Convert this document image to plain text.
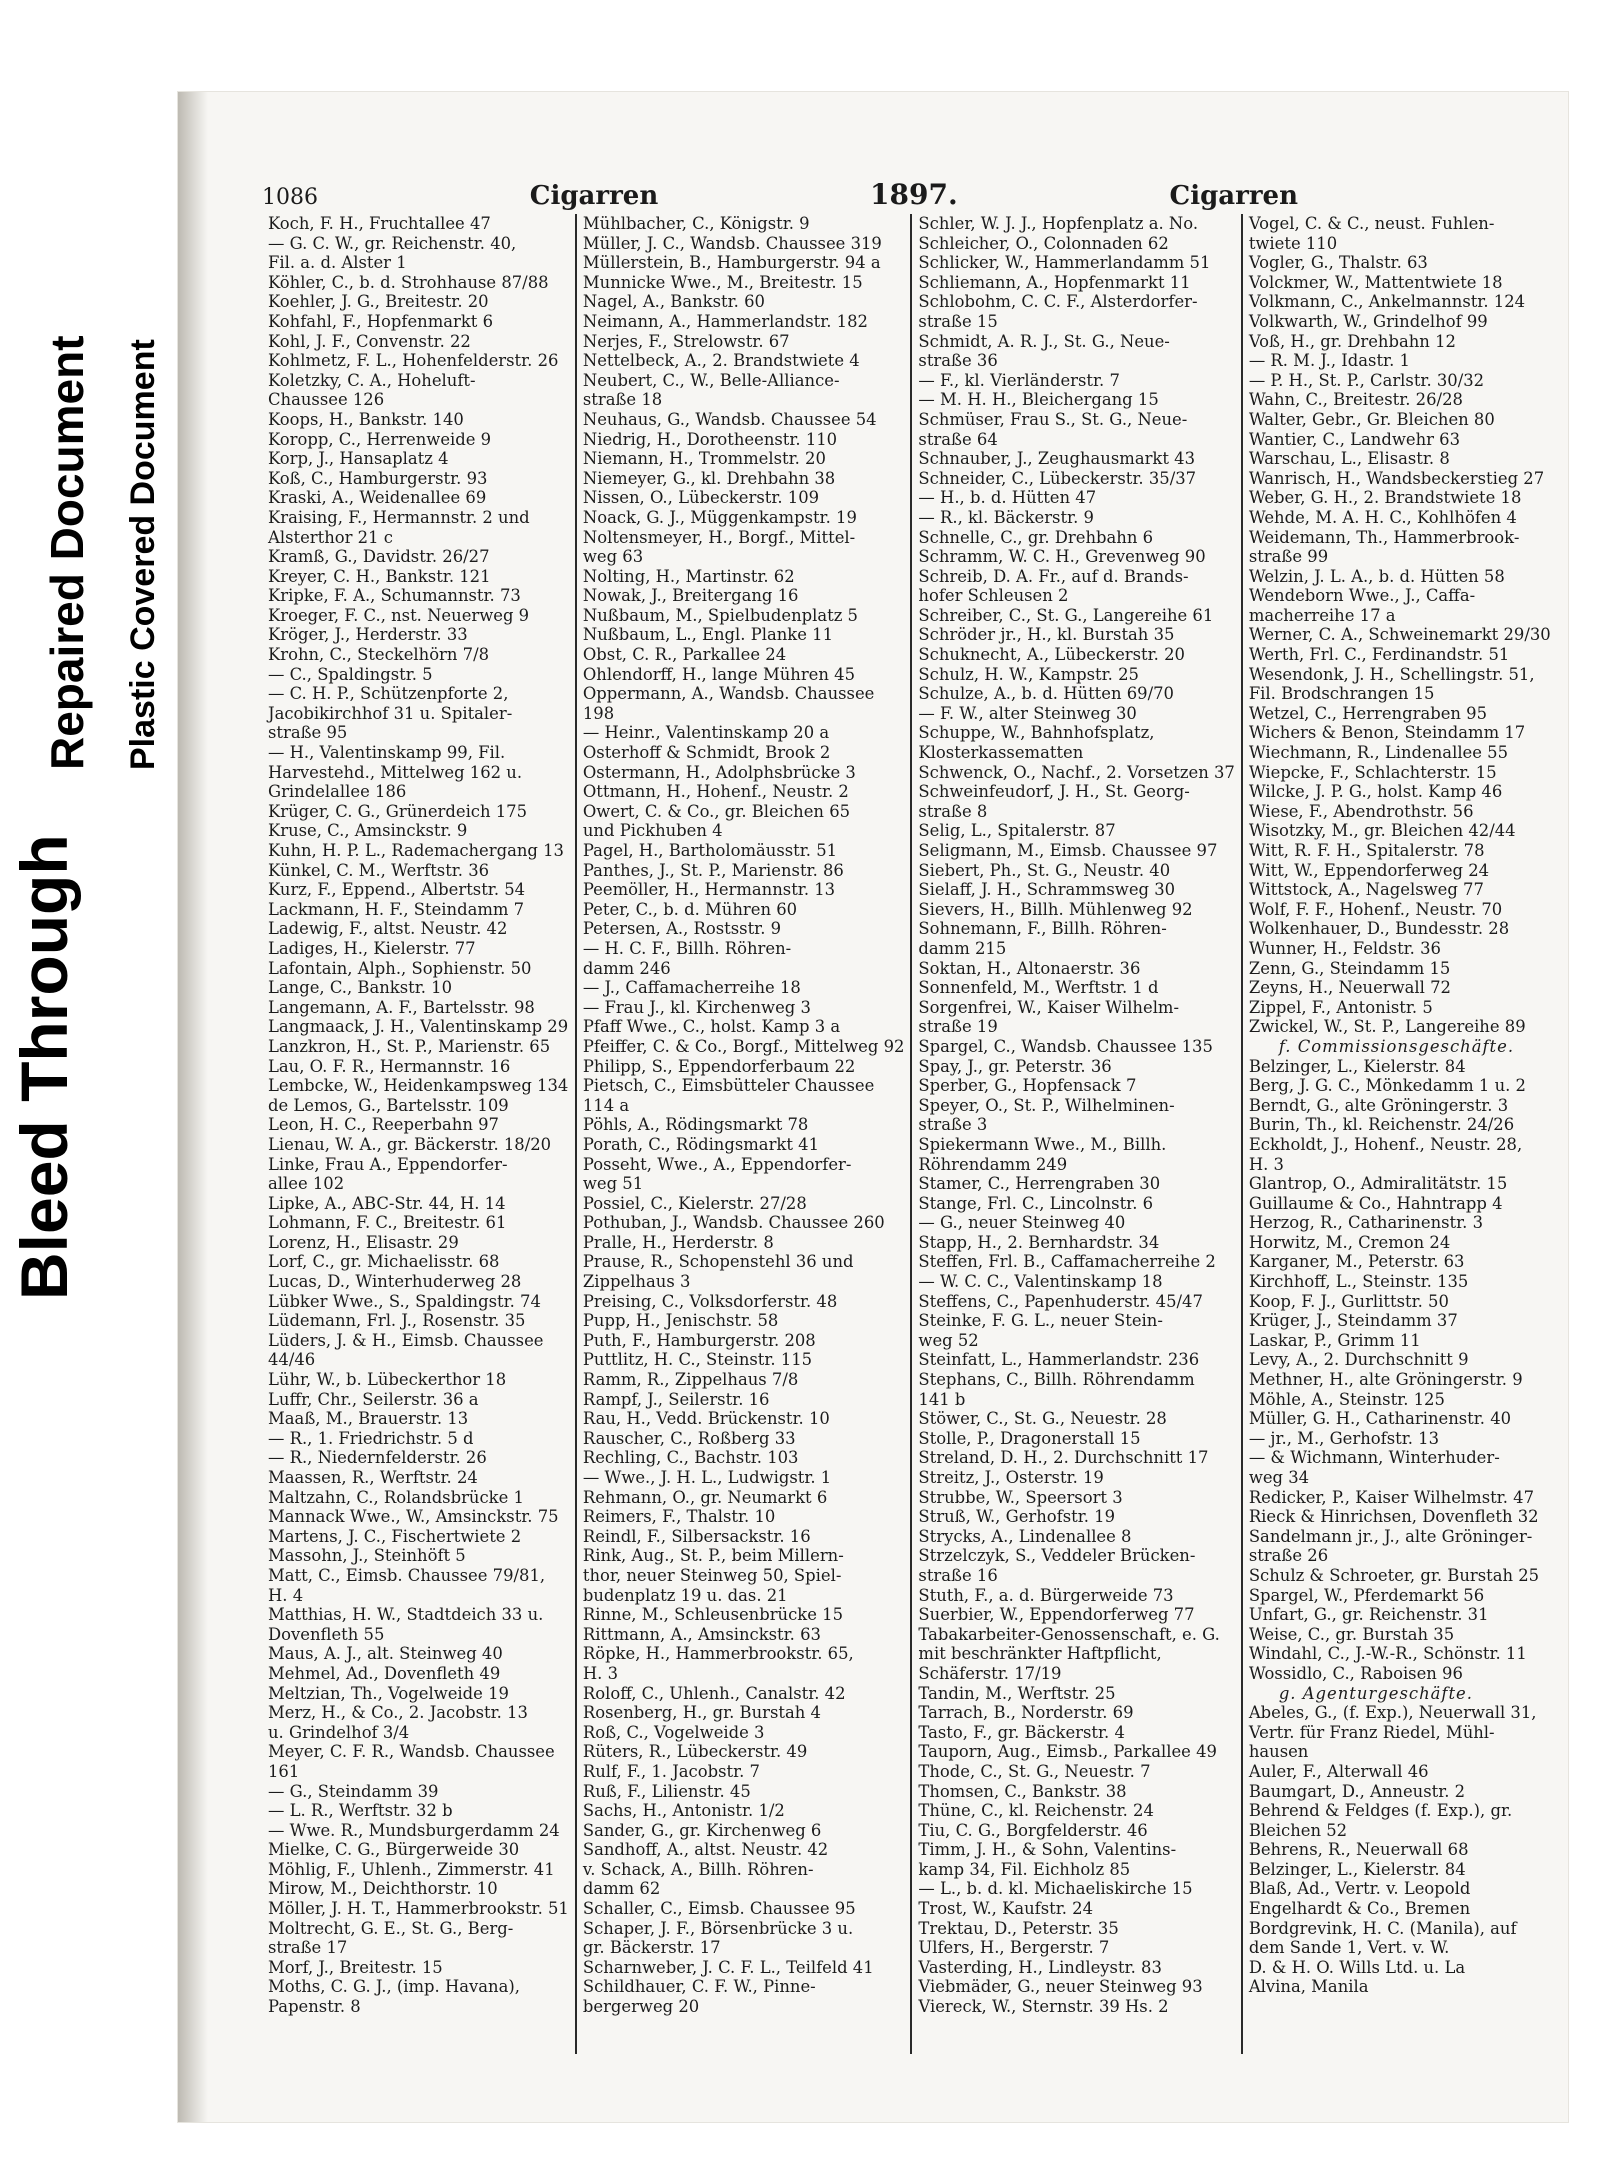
Bleed Through
Repaired Document Plastic Covered Document
1086	Cigarren	1897.	Cigarren
Koch, F. H., Fruchtallee 47
— G. C. W., gr. Reichenstr. 40,
Fil. a. d. Alster 1
Köhler, C., b. d. Strohhause 87/88
Koehler, J. G., Breitestr. 20
Kohfahl, F., Hopfenmarkt 6
Kohl, J. F., Convenstr. 22
Kohlmetz, F. L., Hohenfelderstr. 26
Koletzky, C. A., Hoheluft-
Chaussee 126
Koops, H., Bankstr. 140
Koropp, C., Herrenweide 9
Korp, J., Hansaplatz 4
Koß, C., Hamburgerstr. 93
Kraski, A., Weidenallee 69
Kraising, F., Hermannstr. 2 und
Alsterthor 21 c
Kramß, G., Davidstr. 26/27
Kreyer, C. H., Bankstr. 121
Kripke, F. A., Schumannstr. 73
Kroeger, F. C., nst. Neuerweg 9
Kröger, J., Herderstr. 33
Krohn, C., Steckelhörn 7/8
— C., Spaldingstr. 5
— C. H. P., Schützenpforte 2,
Jacobikirchhof 31 u. Spitaler-
straße 95
— H., Valentinskamp 99, Fil.
Harvestehd., Mittelweg 162 u.
Grindelallee 186
Krüger, C. G., Grünerdeich 175
Kruse, C., Amsinckstr. 9
Kuhn, H. P. L., Rademachergang 13
Künkel, C. M., Werftstr. 36
Kurz, F., Eppend., Albertstr. 54
Lackmann, H. F., Steindamm 7
Ladewig, F., altst. Neustr. 42
Ladiges, H., Kielerstr. 77
Lafontain, Alph., Sophienstr. 50
Lange, C., Bankstr. 10
Langemann, A. F., Bartelsstr. 98
Langmaack, J. H., Valentinskamp 29
Lanzkron, H., St. P., Marienstr. 65
Lau, O. F. R., Hermannstr. 16
Lembcke, W., Heidenkampsweg 134
de Lemos, G., Bartelsstr. 109
Leon, H. C., Reeperbahn 97
Lienau, W. A., gr. Bäckerstr. 18/20
Linke, Frau A., Eppendorfer-
allee 102
Lipke, A., ABC-Str. 44, H. 14
Lohmann, F. C., Breitestr. 61
Lorenz, H., Elisastr. 29
Lorf, C., gr. Michaelisstr. 68
Lucas, D., Winterhuderweg 28
Lübker Wwe., S., Spaldingstr. 74
Lüdemann, Frl. J., Rosenstr. 35
Lüders, J. & H., Eimsb. Chaussee
44/46
Lühr, W., b. Lübeckerthor 18
Luffr, Chr., Seilerstr. 36 a
Maaß, M., Brauerstr. 13
— R., 1. Friedrichstr. 5 d
— R., Niedernfelderstr. 26
Maassen, R., Werftstr. 24
Maltzahn, C., Rolandsbrücke 1
Mannack Wwe., W., Amsinckstr. 75
Martens, J. C., Fischertwiete 2
Massohn, J., Steinhöft 5
Matt, C., Eimsb. Chaussee 79/81,
H. 4
Matthias, H. W., Stadtdeich 33 u.
Dovenfleth 55
Maus, A. J., alt. Steinweg 40
Mehmel, Ad., Dovenfleth 49
Meltzian, Th., Vogelweide 19
Merz, H., & Co., 2. Jacobstr. 13
u. Grindelhof 3/4
Meyer, C. F. R., Wandsb. Chaussee
161
— G., Steindamm 39
— L. R., Werftstr. 32 b
— Wwe. R., Mundsburgerdamm 24
Mielke, C. G., Bürgerweide 30
Möhlig, F., Uhlenh., Zimmerstr. 41
Mirow, M., Deichthorstr. 10
Möller, J. H. T., Hammerbrookstr. 51
Moltrecht, G. E., St. G., Berg-
straße 17
Morf, J., Breitestr. 15
Moths, C. G. J., (imp. Havana),
Papenstr. 8
Mühlbacher, C., Königstr. 9
Müller, J. C., Wandsb. Chaussee 319
Müllerstein, B., Hamburgerstr. 94 a
Munnicke Wwe., M., Breitestr. 15
Nagel, A., Bankstr. 60
Neimann, A., Hammerlandstr. 182
Nerjes, F., Strelowstr. 67
Nettelbeck, A., 2. Brandstwiete 4
Neubert, C., W., Belle-Alliance-
straße 18
Neuhaus, G., Wandsb. Chaussee 54
Niedrig, H., Dorotheenstr. 110
Niemann, H., Trommelstr. 20
Niemeyer, G., kl. Drehbahn 38
Nissen, O., Lübeckerstr. 109
Noack, G. J., Müggenkampstr. 19
Noltensmeyer, H., Borgf., Mittel-
weg 63
Nolting, H., Martinstr. 62
Nowak, J., Breitergang 16
Nußbaum, M., Spielbudenplatz 5
Nußbaum, L., Engl. Planke 11
Obst, C. R., Parkallee 24
Ohlendorff, H., lange Mühren 45
Oppermann, A., Wandsb. Chaussee
198
— Heinr., Valentinskamp 20 a
Osterhoff & Schmidt, Brook 2
Ostermann, H., Adolphsbrücke 3
Ottmann, H., Hohenf., Neustr. 2
Owert, C. & Co., gr. Bleichen 65
und Pickhuben 4
Pagel, H., Bartholomäusstr. 51
Panthes, J., St. P., Marienstr. 86
Peemöller, H., Hermannstr. 13
Peter, C., b. d. Mühren 60
Petersen, A., Rostsstr. 9
— H. C. F., Billh. Röhren-
damm 246
— J., Caffamacherreihe 18
— Frau J., kl. Kirchenweg 3
Pfaff Wwe., C., holst. Kamp 3 a
Pfeiffer, C. & Co., Borgf., Mittelweg 92
Philipp, S., Eppendorferbaum 22
Pietsch, C., Eimsbütteler Chaussee
114 a
Pöhls, A., Rödingsmarkt 78
Porath, C., Rödingsmarkt 41
Posseht, Wwe., A., Eppendorfer-
weg 51
Possiel, C., Kielerstr. 27/28
Pothuban, J., Wandsb. Chaussee 260
Pralle, H., Herderstr. 8
Prause, R., Schopenstehl 36 und
Zippelhaus 3
Preising, C., Volksdorferstr. 48
Pupp, H., Jenischstr. 58
Puth, F., Hamburgerstr. 208
Puttlitz, H. C., Steinstr. 115
Ramm, R., Zippelhaus 7/8
Rampf, J., Seilerstr. 16
Rau, H., Vedd. Brückenstr. 10
Rauscher, C., Roßberg 33
Rechling, C., Bachstr. 103
— Wwe., J. H. L., Ludwigstr. 1
Rehmann, O., gr. Neumarkt 6
Reimers, F., Thalstr. 10
Reindl, F., Silbersackstr. 16
Rink, Aug., St. P., beim Millern-
thor, neuer Steinweg 50, Spiel-
budenplatz 19 u. das. 21
Rinne, M., Schleusenbrücke 15
Rittmann, A., Amsinckstr. 63
Röpke, H., Hammerbrookstr. 65,
H. 3
Roloff, C., Uhlenh., Canalstr. 42
Rosenberg, H., gr. Burstah 4
Roß, C., Vogelweide 3
Rüters, R., Lübeckerstr. 49
Rulf, F., 1. Jacobstr. 7
Ruß, F., Lilienstr. 45
Sachs, H., Antonistr. 1/2
Sander, G., gr. Kirchenweg 6
Sandhoff, A., altst. Neustr. 42
v. Schack, A., Billh. Röhren-
damm 62
Schaller, C., Eimsb. Chaussee 95
Schaper, J. F., Börsenbrücke 3 u.
gr. Bäckerstr. 17
Scharnweber, J. C. F. L., Teilfeld 41
Schildhauer, C. F. W., Pinne-
bergerweg 20
Schler, W. J. J., Hopfenplatz a. No.
Schleicher, O., Colonnaden 62
Schlicker, W., Hammerlandamm 51
Schliemann, A., Hopfenmarkt 11
Schlobohm, C. C. F., Alsterdorfer-
straße 15
Schmidt, A. R. J., St. G., Neue-
straße 36
— F., kl. Vierländerstr. 7
— M. H. H., Bleichergang 15
Schmüser, Frau S., St. G., Neue-
straße 64
Schnauber, J., Zeughausmarkt 43
Schneider, C., Lübeckerstr. 35/37
— H., b. d. Hütten 47
— R., kl. Bäckerstr. 9
Schnelle, C., gr. Drehbahn 6
Schramm, W. C. H., Grevenweg 90
Schreib, D. A. Fr., auf d. Brands-
hofer Schleusen 2
Schreiber, C., St. G., Langereihe 61
Schröder jr., H., kl. Burstah 35
Schuknecht, A., Lübeckerstr. 20
Schulz, H. W., Kampstr. 25
Schulze, A., b. d. Hütten 69/70
— F. W., alter Steinweg 30
Schuppe, W., Bahnhofsplatz,
Klosterkassematten
Schwenck, O., Nachf., 2. Vorsetzen 37
Schweinfeudorf, J. H., St. Georg-
straße 8
Selig, L., Spitalerstr. 87
Seligmann, M., Eimsb. Chaussee 97
Siebert, Ph., St. G., Neustr. 40
Sielaff, J. H., Schrammsweg 30
Sievers, H., Billh. Mühlenweg 92
Sohnemann, F., Billh. Röhren-
damm 215
Soktan, H., Altonaerstr. 36
Sonnenfeld, M., Werftstr. 1 d
Sorgenfrei, W., Kaiser Wilhelm-
straße 19
Spargel, C., Wandsb. Chaussee 135
Spay, J., gr. Peterstr. 36
Sperber, G., Hopfensack 7
Speyer, O., St. P., Wilhelminen-
straße 3
Spiekermann Wwe., M., Billh.
Röhrendamm 249
Stamer, C., Herrengraben 30
Stange, Frl. C., Lincolnstr. 6
— G., neuer Steinweg 40
Stapp, H., 2. Bernhardstr. 34
Steffen, Frl. B., Caffamacherreihe 2
— W. C. C., Valentinskamp 18
Steffens, C., Papenhuderstr. 45/47
Steinke, F. G. L., neuer Stein-
weg 52
Steinfatt, L., Hammerlandstr. 236
Stephans, C., Billh. Röhrendamm
141 b
Stöwer, C., St. G., Neuestr. 28
Stolle, P., Dragonerstall 15
Streland, D. H., 2. Durchschnitt 17
Streitz, J., Osterstr. 19
Strubbe, W., Speersort 3
Struß, W., Gerhofstr. 19
Strycks, A., Lindenallee 8
Strzelczyk, S., Veddeler Brücken-
straße 16
Stuth, F., a. d. Bürgerweide 73
Suerbier, W., Eppendorferweg 77
Tabakarbeiter-Genossenschaft, e. G.
mit beschränkter Haftpflicht,
Schäferstr. 17/19
Tandin, M., Werftstr. 25
Tarrach, B., Norderstr. 69
Tasto, F., gr. Bäckerstr. 4
Tauporn, Aug., Eimsb., Parkallee 49
Thode, C., St. G., Neuestr. 7
Thomsen, C., Bankstr. 38
Thüne, C., kl. Reichenstr. 24
Tiu, C. G., Borgfelderstr. 46
Timm, J. H., & Sohn, Valentins-
kamp 34, Fil. Eichholz 85
— L., b. d. kl. Michaeliskirche 15
Trost, W., Kaufstr. 24
Trektau, D., Peterstr. 35
Ulfers, H., Bergerstr. 7
Vasterding, H., Lindleystr. 83
Viebmäder, G., neuer Steinweg 93
Viereck, W., Sternstr. 39 Hs. 2
Vogel, C. & C., neust. Fuhlen-
twiete 110
Vogler, G., Thalstr. 63
Volckmer, W., Mattentwiete 18
Volkmann, C., Ankelmannstr. 124
Volkwarth, W., Grindelhof 99
Voß, H., gr. Drehbahn 12
— R. M. J., Idastr. 1
— P. H., St. P., Carlstr. 30/32
Wahn, C., Breitestr. 26/28
Walter, Gebr., Gr. Bleichen 80
Wantier, C., Landwehr 63
Warschau, L., Elisastr. 8
Wanrisch, H., Wandsbeckerstieg 27
Weber, G. H., 2. Brandstwiete 18
Wehde, M. A. H. C., Kohlhöfen 4
Weidemann, Th., Hammerbrook-
straße 99
Welzin, J. L. A., b. d. Hütten 58
Wendeborn Wwe., J., Caffa-
macherreihe 17 a
Werner, C. A., Schweinemarkt 29/30
Werth, Frl. C., Ferdinandstr. 51
Wesendonk, J. H., Schellingstr. 51,
Fil. Brodschrangen 15
Wetzel, C., Herrengraben 95
Wichers & Benon, Steindamm 17
Wiechmann, R., Lindenallee 55
Wiepcke, F., Schlachterstr. 15
Wilcke, J. P. G., holst. Kamp 46
Wiese, F., Abendrothstr. 56
Wisotzky, M., gr. Bleichen 42/44
Witt, R. F. H., Spitalerstr. 78
Witt, W., Eppendorferweg 24
Wittstock, A., Nagelsweg 77
Wolf, F. F., Hohenf., Neustr. 70
Wolkenhauer, D., Bundesstr. 28
Wunner, H., Feldstr. 36
Zenn, G., Steindamm 15
Zeyns, H., Neuerwall 72
Zippel, F., Antonistr. 5
Zwickel, W., St. P., Langereihe 89
f. Commissionsgeschäfte.
Belzinger, L., Kielerstr. 84
Berg, J. G. C., Mönkedamm 1 u. 2
Berndt, G., alte Gröningerstr. 3
Burin, Th., kl. Reichenstr. 24/26
Eckholdt, J., Hohenf., Neustr. 28,
H. 3
Glantrop, O., Admiralitätstr. 15
Guillaume & Co., Hahntrapp 4
Herzog, R., Catharinenstr. 3
Horwitz, M., Cremon 24
Karganer, M., Peterstr. 63
Kirchhoff, L., Steinstr. 135
Koop, F. J., Gurlittstr. 50
Krüger, J., Steindamm 37
Laskar, P., Grimm 11
Levy, A., 2. Durchschnitt 9
Methner, H., alte Gröningerstr. 9
Möhle, A., Steinstr. 125
Müller, G. H., Catharinenstr. 40
— jr., M., Gerhofstr. 13
— & Wichmann, Winterhuder-
weg 34
Redicker, P., Kaiser Wilhelmstr. 47
Rieck & Hinrichsen, Dovenfleth 32
Sandelmann jr., J., alte Gröninger-
straße 26
Schulz & Schroeter, gr. Burstah 25
Spargel, W., Pferdemarkt 56
Unfart, G., gr. Reichenstr. 31
Weise, C., gr. Burstah 35
Windahl, C., J.-W.-R., Schönstr. 11
Wossidlo, C., Raboisen 96
g. Agenturgeschäfte.
Abeles, G., (f. Exp.), Neuerwall 31,
Vertr. für Franz Riedel, Mühl-
hausen
Auler, F., Alterwall 46
Baumgart, D., Anneustr. 2
Behrend & Feldges (f. Exp.), gr.
Bleichen 52
Behrens, R., Neuerwall 68
Belzinger, L., Kielerstr. 84
Blaß, Ad., Vertr. v. Leopold
Engelhardt & Co., Bremen
Bordgrevink, H. C. (Manila), auf
dem Sande 1, Vert. v. W.
D. & H. O. Wills Ltd. u. La
Alvina, Manila
